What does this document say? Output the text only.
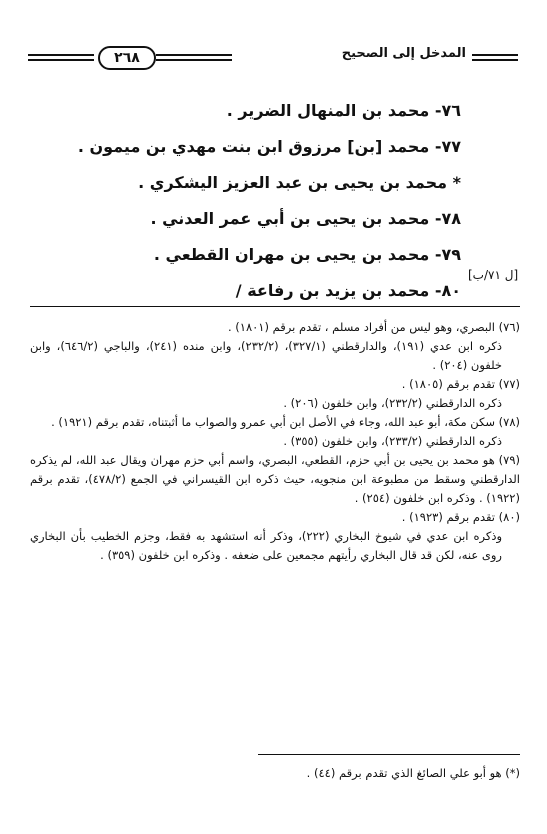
٢٦٨	المدخل إلى الصحيح
٧٦- محمد بن المنهال الضرير .
٧٧- محمد [بن] مرزوق ابن بنت مهدي بن ميمون .
* محمد بن يحيى بن عبد العزيز اليشكري .
٧٨- محمد بن يحيى بن أبي عمر العدني .
٧٩- محمد بن يحيى بن مهران القطعي .
٨٠- محمد بن يزيد بن رفاعة /
[ل ٧١/ب]

(٧٦) البصري، وهو ليس من أفراد مسلم ، تقدم برقم (١٨٠١) .

ذكره ابن عدي (١٩١)، والدارقطني (٣٢٧/١)، (٢٣٢/٢)، وابن منده (٢٤١)، والباجي (٦٤٦/٢)، وابن خلفون (٢٠٤) .

(٧٧) تقدم برقم (١٨٠٥) .

ذكره الدارقطني (٢٣٢/٢)، وابن خلفون (٢٠٦) .

(٧٨) سكن مكة، أبو عبد الله، وجاء في الأصل ابن أبي عمرو والصواب ما أثبتناه، تقدم برقم (١٩٢١) .

ذكره الدارقطني (٢٣٣/٢)، وابن خلفون (٣٥٥) .

(٧٩) هو محمد بن يحيى بن أبي حزم، القطعي، البصري، واسم أبي حزم مهران ويقال عبد الله، لم يذكره الدارقطني وسقط من مطبوعة ابن منجويه، حيث ذكره ابن القيسراني في الجمع (٤٧٨/٢)، تقدم برقم (١٩٢٢) . وذكره ابن خلفون (٢٥٤) .

(٨٠) تقدم برقم (١٩٢٣) .

وذكره ابن عدي في شيوخ البخاري (٢٢٢)، وذكر أنه استشهد به فقط، وجزم الخطيب بأن البخاري روى عنه، لكن قد قال البخاري رأيتهم مجمعين على ضعفه . وذكره ابن خلفون (٣٥٩) .

(*) هو أبو علي الصائغ الذي تقدم برقم (٤٤) .
